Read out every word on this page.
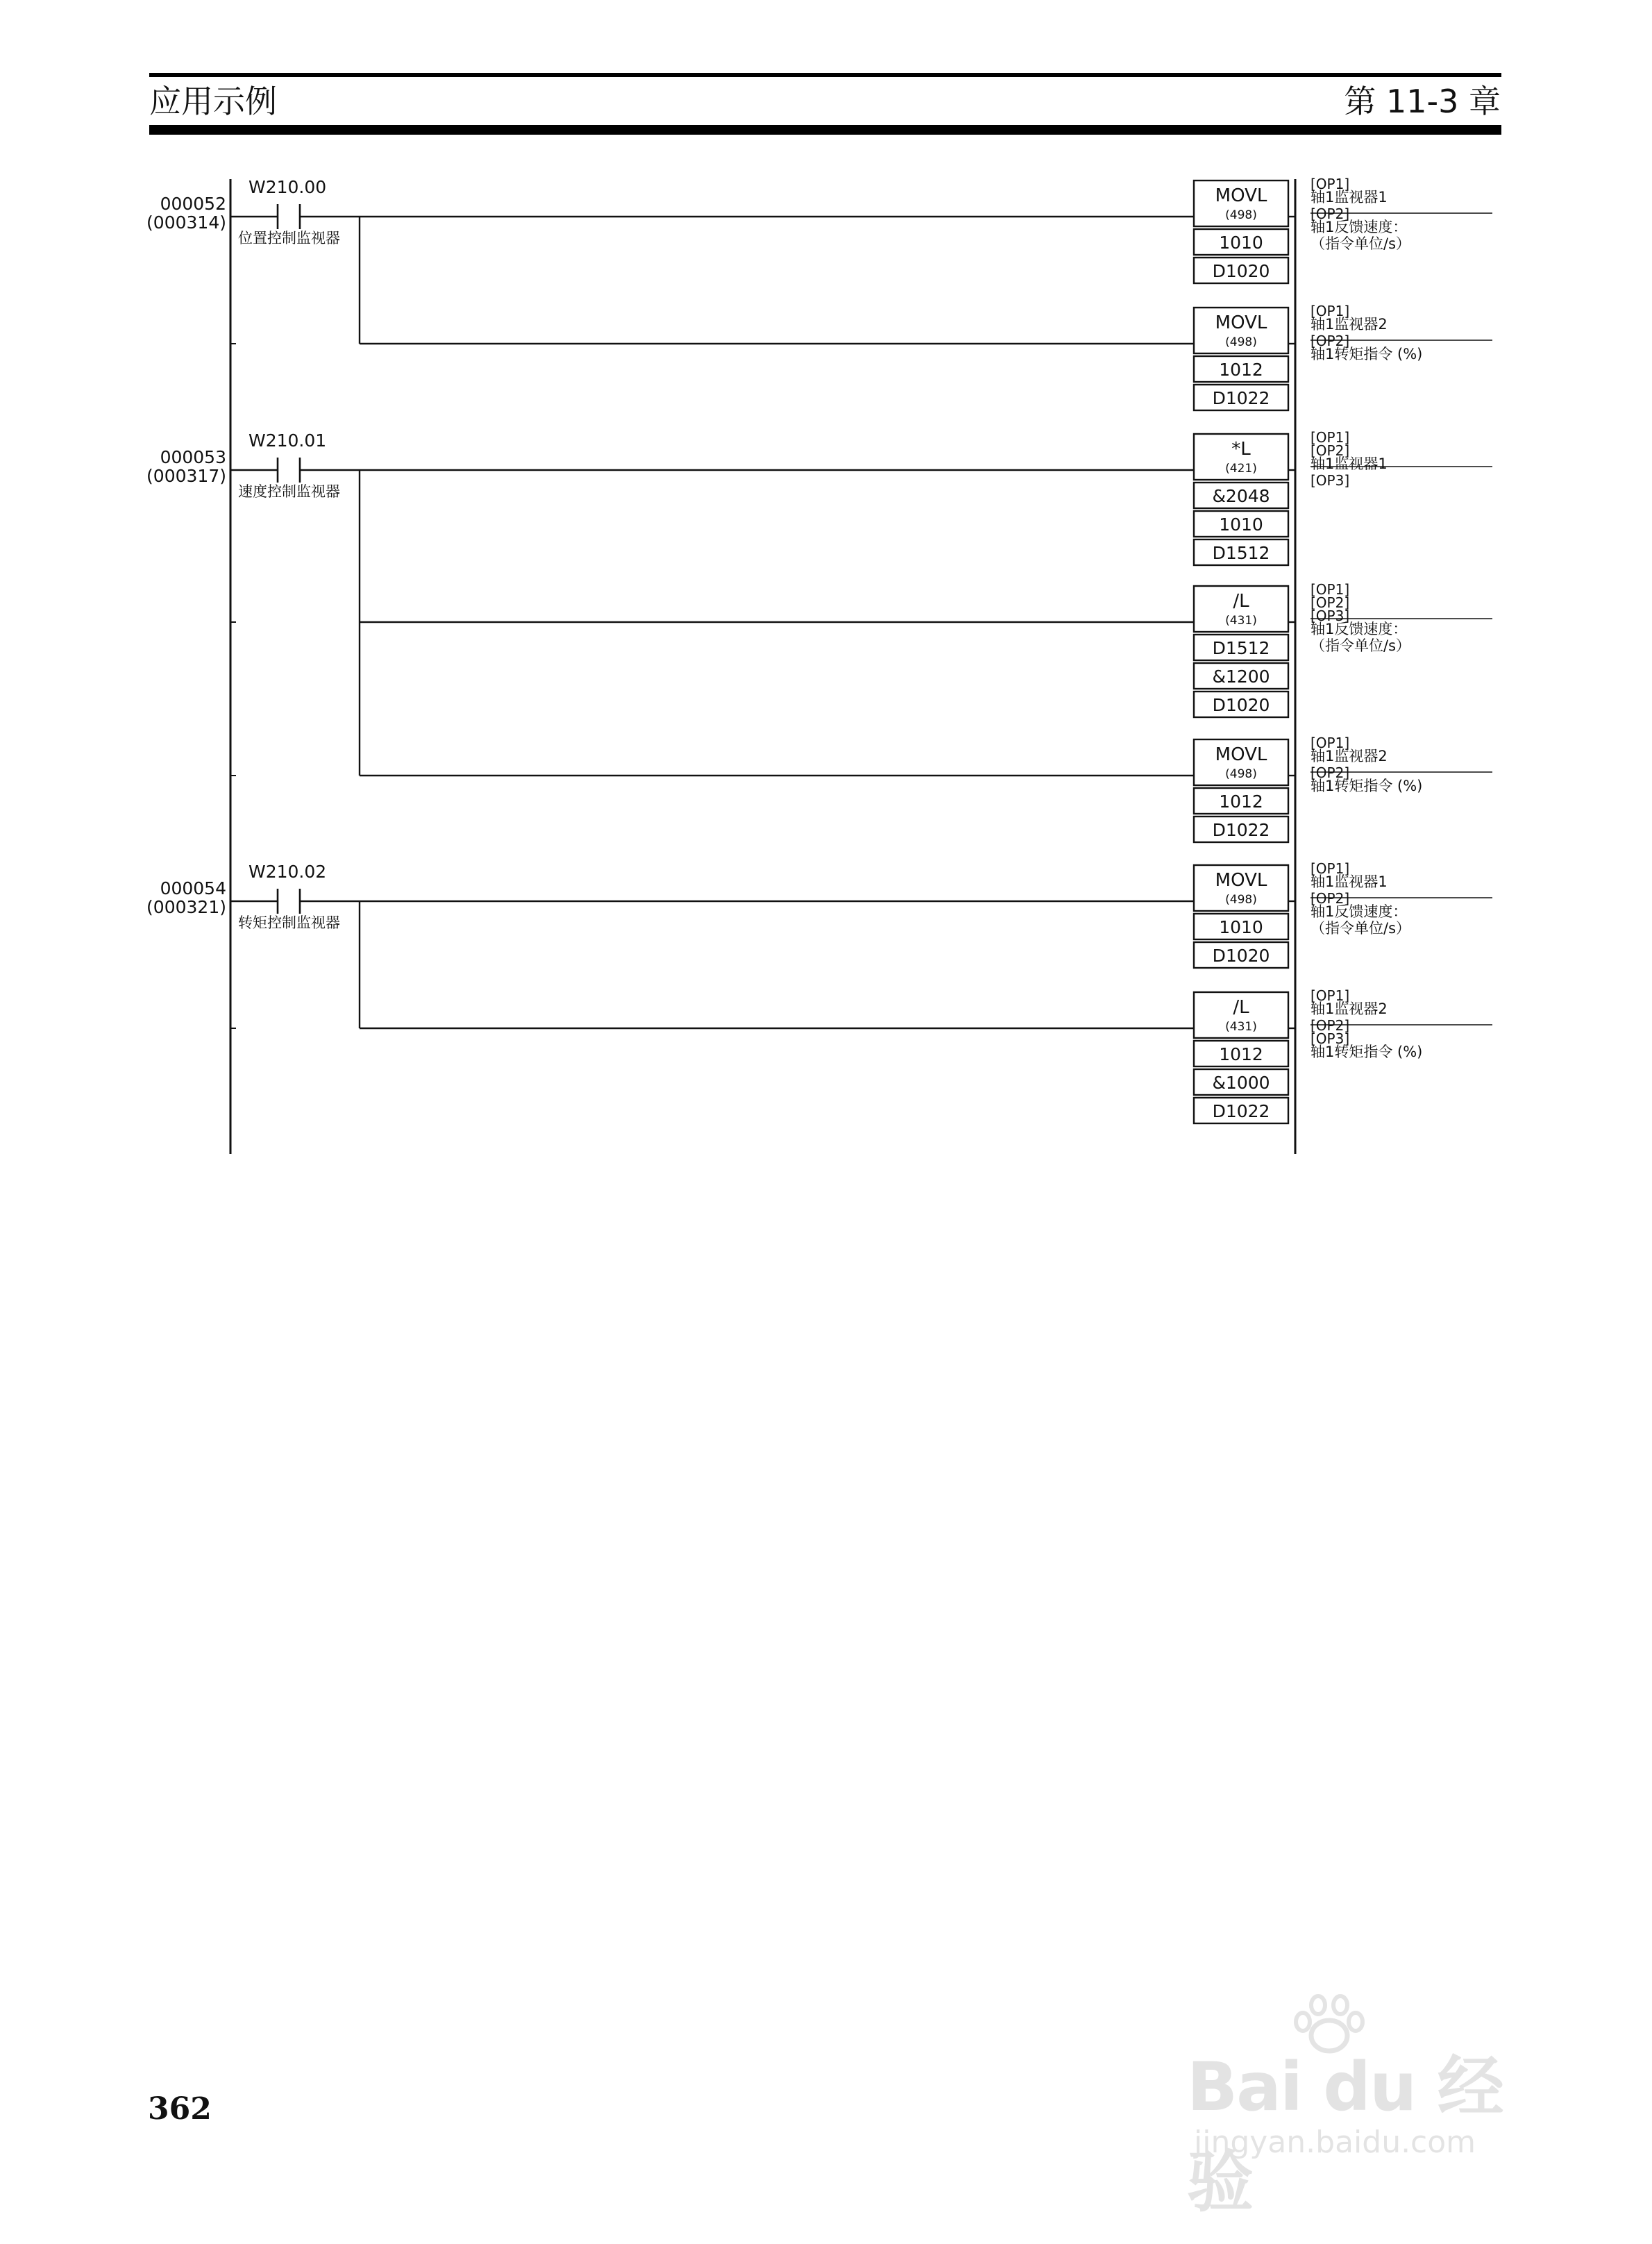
应用示例	第 11-3 章
000052
(000314)
W210.00
位置控制监视器
MOVL
(498)
1010
D1020
[OP1]
轴1监视器1
[OP2]
轴1反馈速度：
（指令单位/s）
MOVL
(498)
1012
D1022
[OP1]
轴1监视器2
[OP2]
轴1转矩指令 (%)
000053
(000317)
W210.01
速度控制监视器
*L
(421)
&2048
1010
D1512
[OP1]
[OP2]
轴1监视器1
[OP3]
/L
(431)
D1512
&1200
D1020
[OP1]
[OP2]
[OP3]
轴1反馈速度：
（指令单位/s）
MOVL
(498)
1012
D1022
[OP1]
轴1监视器2
[OP2]
轴1转矩指令 (%)
000054
(000321)
W210.02
转矩控制监视器
MOVL
(498)
1010
D1020
[OP1]
轴1监视器1
[OP2]
轴1反馈速度：
（指令单位/s）
/L
(431)
1012
&1000
D1022
[OP1]
轴1监视器2
[OP2]
[OP3]
轴1转矩指令 (%)
362	Bai du 经验
jingyan.baidu.com
